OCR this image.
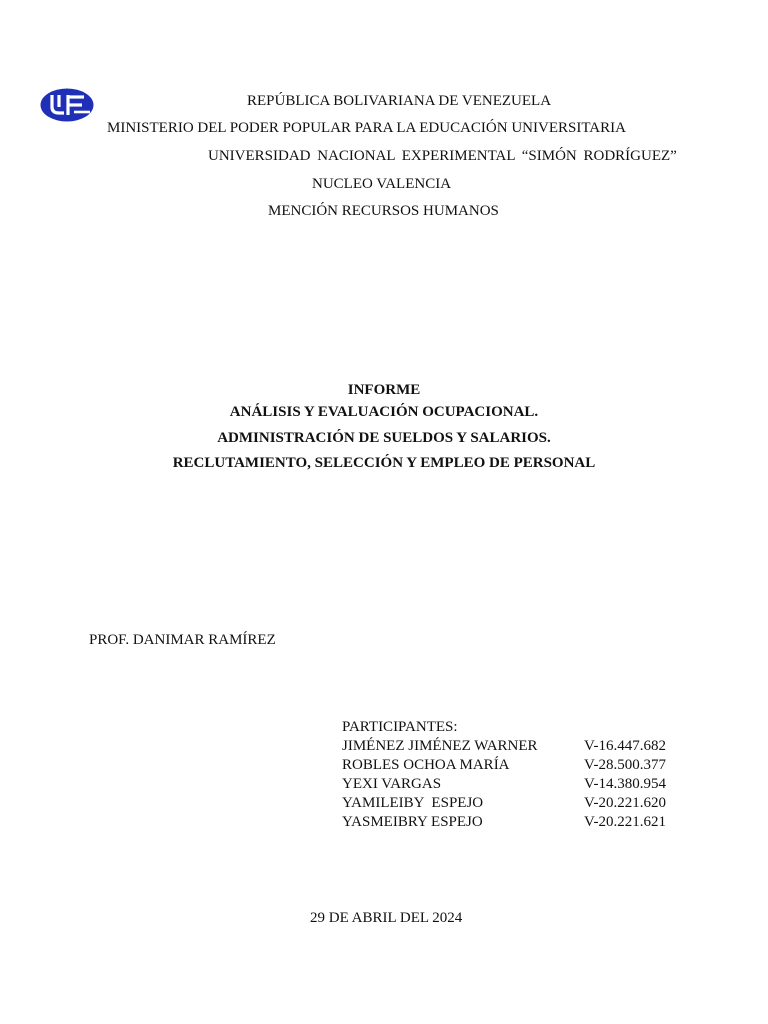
REPÚBLICA BOLIVARIANA DE VENEZUELA
MINISTERIO DEL PODER POPULAR PARA LA EDUCACIÓN UNIVERSITARIA
UNIVERSIDAD NACIONAL EXPERIMENTAL “SIMÓN RODRÍGUEZ”
NUCLEO VALENCIA
MENCIÓN RECURSOS HUMANOS
INFORME
ANÁLISIS Y EVALUACIÓN OCUPACIONAL.
ADMINISTRACIÓN DE SUELDOS Y SALARIOS.
RECLUTAMIENTO, SELECCIÓN Y EMPLEO DE PERSONAL
PROF. DANIMAR RAMÍREZ
PARTICIPANTES:
JIMÉNEZ JIMÉNEZ WARNER	V-16.447.682
ROBLES OCHOA MARÍA	V-28.500.377
YEXI VARGAS	V-14.380.954
YAMILEIBY  ESPEJO	V-20.221.620
YASMEIBRY ESPEJO	V-20.221.621
29 DE ABRIL DEL 2024
